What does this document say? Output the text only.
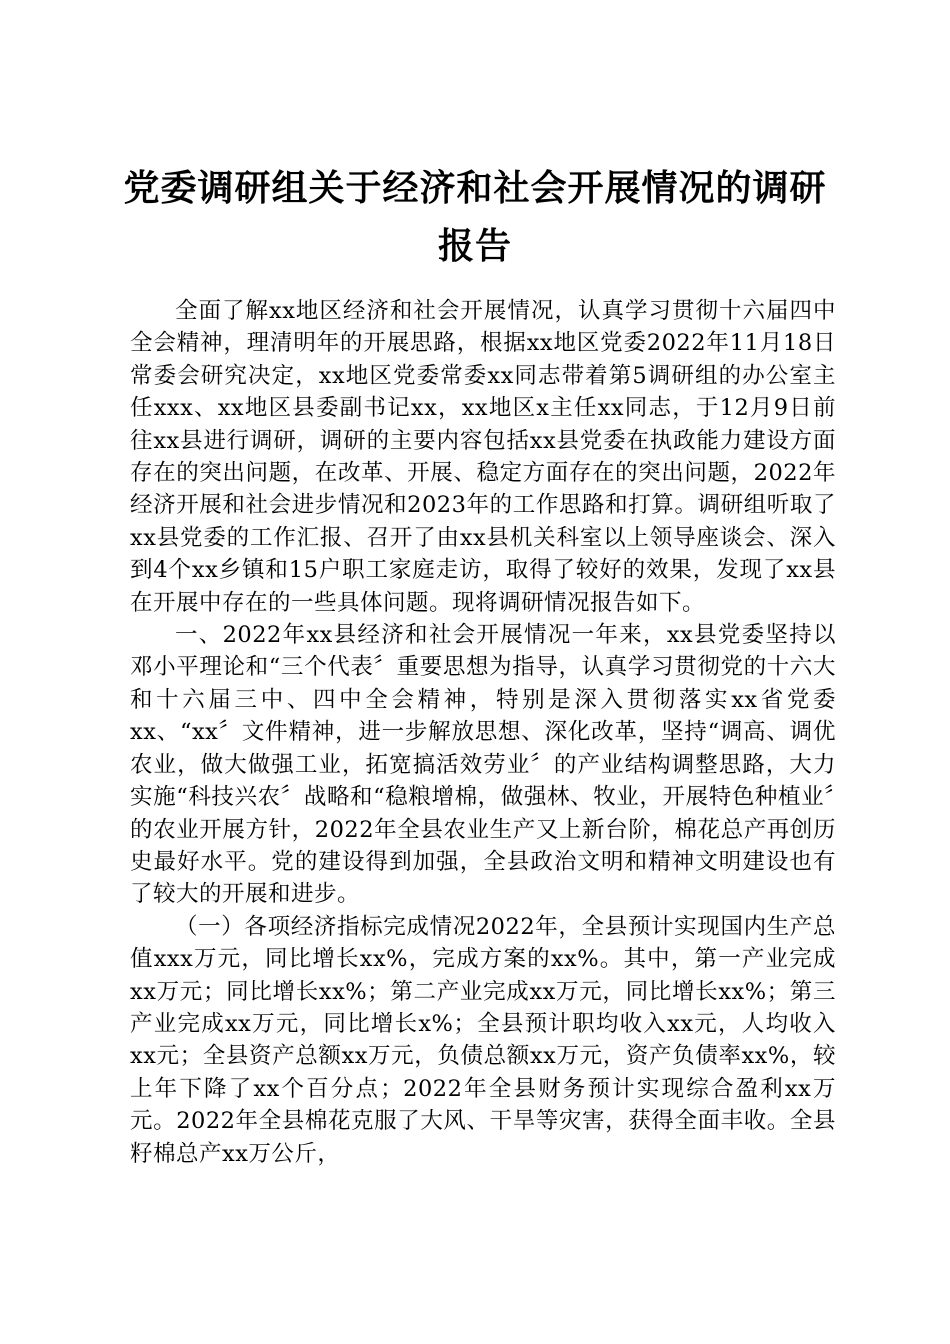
党委调研组关于经济和社会开展情况的调研报告

全面了解xx地区经济和社会开展情况，认真学习贯彻十六届四中全会精神，理清明年的开展思路，根据xx地区党委2022年11月18日常委会研究决定，xx地区党委常委xx同志带着第5调研组的办公室主任xxx、xx地区县委副书记xx，xx地区x主任xx同志，于12月9日前往xx县进行调研，调研的主要内容包括xx县党委在执政能力建设方面存在的突出问题，在改革、开展、稳定方面存在的突出问题，2022年经济开展和社会进步情况和2023年的工作思路和打算。调研组听取了xx县党委的工作汇报、召开了由xx县机关科室以上领导座谈会、深入到4个xx乡镇和15户职工家庭走访，取得了较好的效果，发现了xx县在开展中存在的一些具体问题。现将调研情况报告如下。

一、2022年xx县经济和社会开展情况一年来，xx县党委坚持以邓小平理论和“三个代表〞重要思想为指导，认真学习贯彻党的十六大和十六届三中、四中全会精神，特别是深入贯彻落实xx省党委xx、“xx〞文件精神，进一步解放思想、深化改革，坚持“调高、调优农业，做大做强工业，拓宽搞活效劳业〞的产业结构调整思路，大力实施“科技兴农〞战略和“稳粮增棉，做强林、牧业，开展特色种植业〞的农业开展方针，2022年全县农业生产又上新台阶，棉花总产再创历史最好水平。党的建设得到加强，全县政治文明和精神文明建设也有了较大的开展和进步。

（一）各项经济指标完成情况2022年，全县预计实现国内生产总值xxx万元，同比增长xx%，完成方案的xx%。其中，第一产业完成xx万元；同比增长xx%；第二产业完成xx万元，同比增长xx%；第三产业完成xx万元，同比增长x%；全县预计职均收入xx元，人均收入xx元；全县资产总额xx万元，负债总额xx万元，资产负债率xx%，较上年下降了xx个百分点；2022年全县财务预计实现综合盈利xx万元。2022年全县棉花克服了大风、干旱等灾害，获得全面丰收。全县籽棉总产xx万公斤，
